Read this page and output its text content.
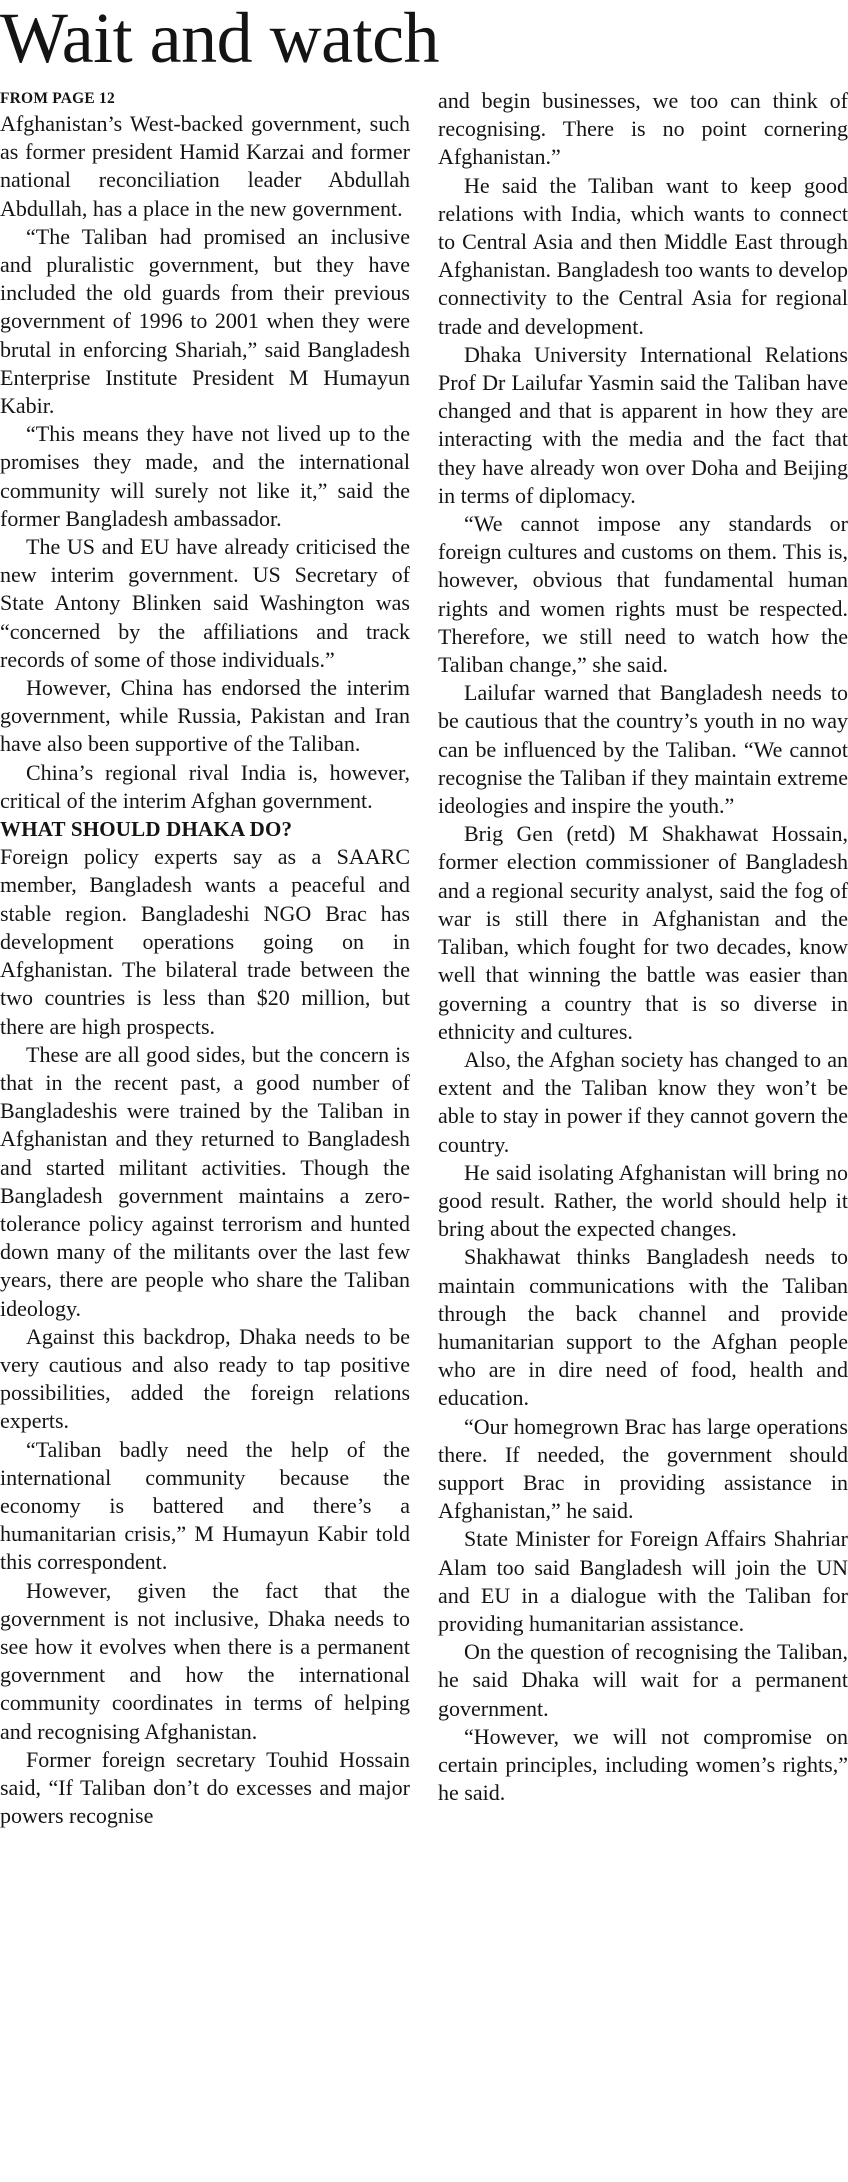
Wait and watch
FROM PAGE 12

Afghanistan’s West-backed government, such as former president Hamid Karzai and former national reconciliation leader Abdullah Abdullah, has a place in the new government.

“The Taliban had promised an inclusive and pluralistic government, but they have included the old guards from their previous government of 1996 to 2001 when they were brutal in enforcing Shariah,” said Bangladesh Enterprise Institute President M Humayun Kabir.

“This means they have not lived up to the promises they made, and the international community will surely not like it,” said the former Bangladesh ambassador.

The US and EU have already criticised the new interim government. US Secretary of State Antony Blinken said Washington was “concerned by the affiliations and track records of some of those individuals.”

However, China has endorsed the interim government, while Russia, Pakistan and Iran have also been supportive of the Taliban.

China’s regional rival India is, however, critical of the interim Afghan government.

WHAT SHOULD DHAKA DO?

Foreign policy experts say as a SAARC member, Bangladesh wants a peaceful and stable region. Bangladeshi NGO Brac has development operations going on in Afghanistan. The bilateral trade between the two countries is less than $20 million, but there are high prospects.

These are all good sides, but the concern is that in the recent past, a good number of Bangladeshis were trained by the Taliban in Afghanistan and they returned to Bangladesh and started militant activities. Though the Bangladesh government maintains a zero-tolerance policy against terrorism and hunted down many of the militants over the last few years, there are people who share the Taliban ideology.

Against this backdrop, Dhaka needs to be very cautious and also ready to tap positive possibilities, added the foreign relations experts.

“Taliban badly need the help of the international community because the economy is battered and there’s a humanitarian crisis,” M Humayun Kabir told this correspondent.

However, given the fact that the government is not inclusive, Dhaka needs to see how it evolves when there is a permanent government and how the international community coordinates in terms of helping and recognising Afghanistan.

Former foreign secretary Touhid Hossain said, “If Taliban don’t do excesses and major powers recognise

and begin businesses, we too can think of recognising. There is no point cornering Afghanistan.”

He said the Taliban want to keep good relations with India, which wants to connect to Central Asia and then Middle East through Afghanistan. Bangladesh too wants to develop connectivity to the Central Asia for regional trade and development.

Dhaka University International Relations Prof Dr Lailufar Yasmin said the Taliban have changed and that is apparent in how they are interacting with the media and the fact that they have already won over Doha and Beijing in terms of diplomacy.

“We cannot impose any standards or foreign cultures and customs on them. This is, however, obvious that fundamental human rights and women rights must be respected. Therefore, we still need to watch how the Taliban change,” she said.

Lailufar warned that Bangladesh needs to be cautious that the country’s youth in no way can be influenced by the Taliban. “We cannot recognise the Taliban if they maintain extreme ideologies and inspire the youth.”

Brig Gen (retd) M Shakhawat Hossain, former election commissioner of Bangladesh and a regional security analyst, said the fog of war is still there in Afghanistan and the Taliban, which fought for two decades, know well that winning the battle was easier than governing a country that is so diverse in ethnicity and cultures.

Also, the Afghan society has changed to an extent and the Taliban know they won’t be able to stay in power if they cannot govern the country.

He said isolating Afghanistan will bring no good result. Rather, the world should help it bring about the expected changes.

Shakhawat thinks Bangladesh needs to maintain communications with the Taliban through the back channel and provide humanitarian support to the Afghan people who are in dire need of food, health and education.

“Our homegrown Brac has large operations there. If needed, the government should support Brac in providing assistance in Afghanistan,” he said.

State Minister for Foreign Affairs Shahriar Alam too said Bangladesh will join the UN and EU in a dialogue with the Taliban for providing humanitarian assistance.

On the question of recognising the Taliban, he said Dhaka will wait for a permanent government.

“However, we will not compromise on certain principles, including women’s rights,” he said.
